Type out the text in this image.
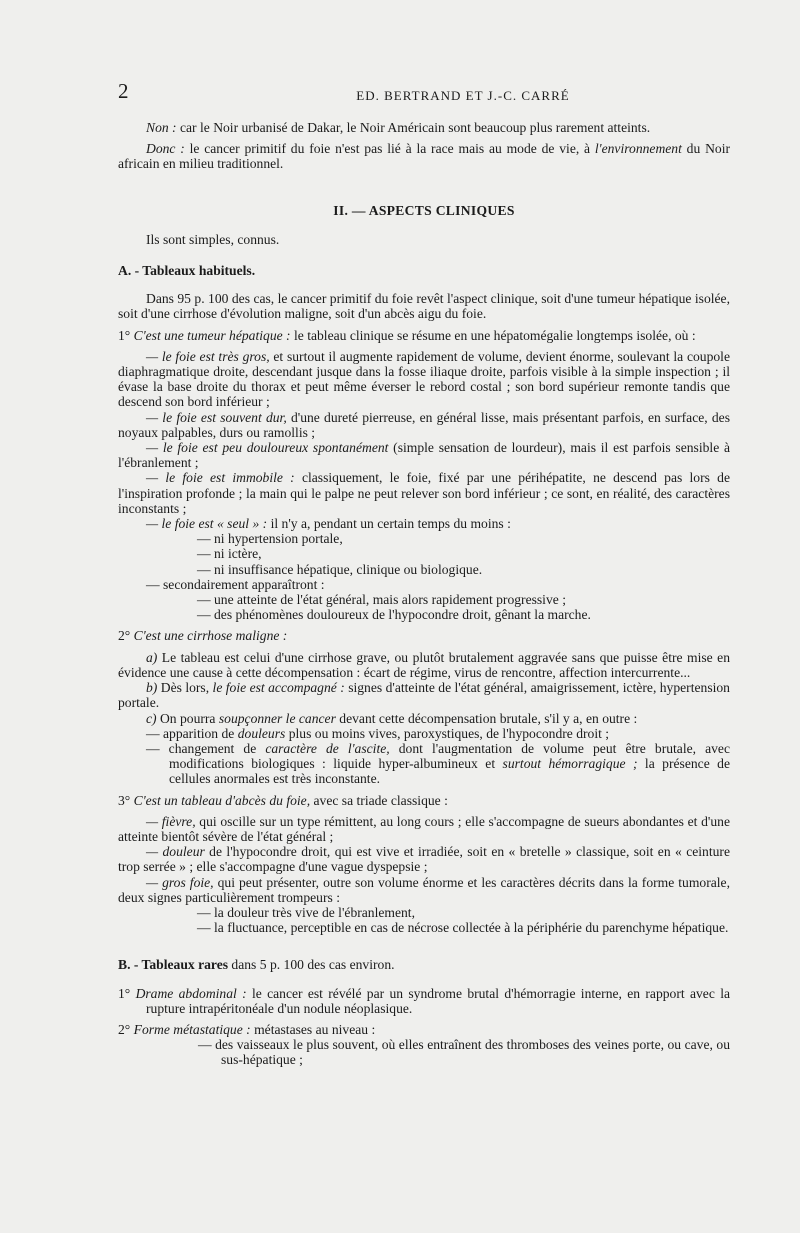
2	ED. BERTRAND ET J.-C. CARRÉ

Non : car le Noir urbanisé de Dakar, le Noir Américain sont beaucoup plus rarement atteints.

Donc : le cancer primitif du foie n'est pas lié à la race mais au mode de vie, à l'environnement du Noir africain en milieu traditionnel.

II. — ASPECTS CLINIQUES

Ils sont simples, connus.

A. - Tableaux habituels.

Dans 95 p. 100 des cas, le cancer primitif du foie revêt l'aspect clinique, soit d'une tumeur hépatique isolée, soit d'une cirrhose d'évolution maligne, soit d'un abcès aigu du foie.

1° C'est une tumeur hépatique : le tableau clinique se résume en une hépatomégalie longtemps isolée, où :

— le foie est très gros, et surtout il augmente rapidement de volume, devient énorme, soulevant la coupole diaphragmatique droite, descendant jusque dans la fosse iliaque droite, parfois visible à la simple inspection ; il évase la base droite du thorax et peut même éverser le rebord costal ; son bord supérieur remonte tandis que descend son bord inférieur ;

— le foie est souvent dur, d'une dureté pierreuse, en général lisse, mais présentant parfois, en surface, des noyaux palpables, durs ou ramollis ;

— le foie est peu douloureux spontanément (simple sensation de lourdeur), mais il est parfois sensible à l'ébranlement ;

— le foie est immobile : classiquement, le foie, fixé par une périhépatite, ne descend pas lors de l'inspiration profonde ; la main qui le palpe ne peut relever son bord inférieur ; ce sont, en réalité, des caractères inconstants ;

— le foie est « seul » : il n'y a, pendant un certain temps du moins :

— ni hypertension portale,

— ni ictère,

— ni insuffisance hépatique, clinique ou biologique.

— secondairement apparaîtront :

— une atteinte de l'état général, mais alors rapidement progressive ;

— des phénomènes douloureux de l'hypocondre droit, gênant la marche.

2° C'est une cirrhose maligne :

a) Le tableau est celui d'une cirrhose grave, ou plutôt brutalement aggravée sans que puisse être mise en évidence une cause à cette décompensation : écart de régime, virus de rencontre, affection intercurrente...

b) Dès lors, le foie est accompagné : signes d'atteinte de l'état général, amaigrissement, ictère, hypertension portale.

c) On pourra soupçonner le cancer devant cette décompensation brutale, s'il y a, en outre :

— apparition de douleurs plus ou moins vives, paroxystiques, de l'hypocondre droit ;

— changement de caractère de l'ascite, dont l'augmentation de volume peut être brutale, avec modifications biologiques : liquide hyper-albumineux et surtout hémorragique ; la présence de cellules anormales est très inconstante.

3° C'est un tableau d'abcès du foie, avec sa triade classique :

— fièvre, qui oscille sur un type rémittent, au long cours ; elle s'accompagne de sueurs abondantes et d'une atteinte bientôt sévère de l'état général ;

— douleur de l'hypocondre droit, qui est vive et irradiée, soit en « bretelle » classique, soit en « ceinture trop serrée » ; elle s'accompagne d'une vague dyspepsie ;

— gros foie, qui peut présenter, outre son volume énorme et les caractères décrits dans la forme tumorale, deux signes particulièrement trompeurs :

— la douleur très vive de l'ébranlement,

— la fluctuance, perceptible en cas de nécrose collectée à la périphérie du parenchyme hépatique.

B. - Tableaux rares dans 5 p. 100 des cas environ.

1° Drame abdominal : le cancer est révélé par un syndrome brutal d'hémorragie interne, en rapport avec la rupture intrapéritonéale d'un nodule néoplasique.

2° Forme métastatique : métastases au niveau :

— des vaisseaux le plus souvent, où elles entraînent des thromboses des veines porte, ou cave, ou sus-hépatique ;
